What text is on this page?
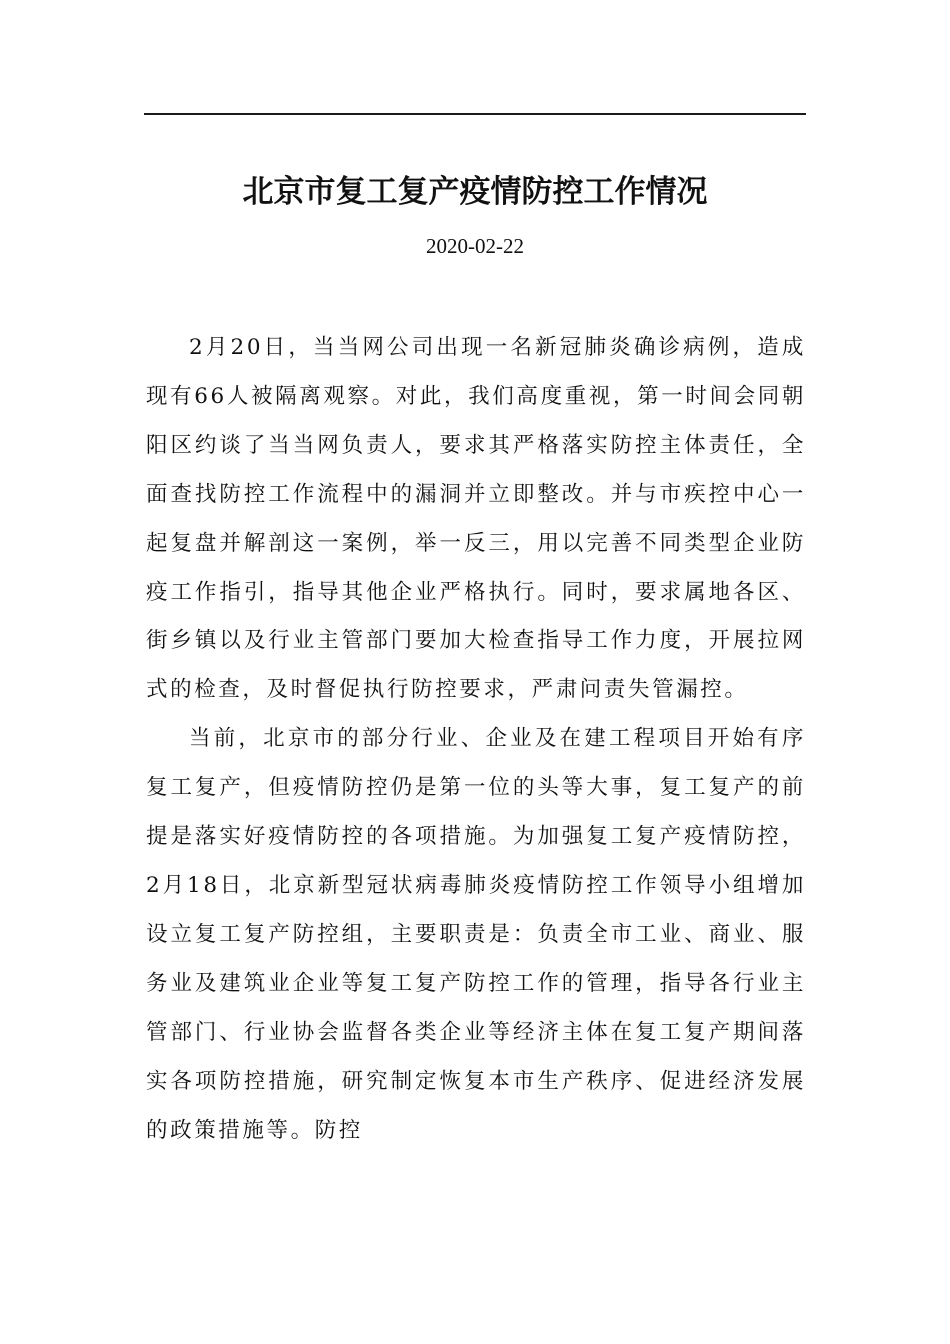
北京市复工复产疫情防控工作情况
2020-02-22

2月20日，当当网公司出现一名新冠肺炎确诊病例，造成现有66人被隔离观察。对此，我们高度重视，第一时间会同朝阳区约谈了当当网负责人，要求其严格落实防控主体责任，全面查找防控工作流程中的漏洞并立即整改。并与市疾控中心一起复盘并解剖这一案例，举一反三，用以完善不同类型企业防疫工作指引，指导其他企业严格执行。同时，要求属地各区、街乡镇以及行业主管部门要加大检查指导工作力度，开展拉网式的检查，及时督促执行防控要求，严肃问责失管漏控。

当前，北京市的部分行业、企业及在建工程项目开始有序复工复产，但疫情防控仍是第一位的头等大事，复工复产的前提是落实好疫情防控的各项措施。为加强复工复产疫情防控，2月18日，北京新型冠状病毒肺炎疫情防控工作领导小组增加设立复工复产防控组，主要职责是：负责全市工业、商业、服务业及建筑业企业等复工复产防控工作的管理，指导各行业主管部门、行业协会监督各类企业等经济主体在复工复产期间落实各项防控措施，研究制定恢复本市生产秩序、促进经济发展的政策措施等。防控
